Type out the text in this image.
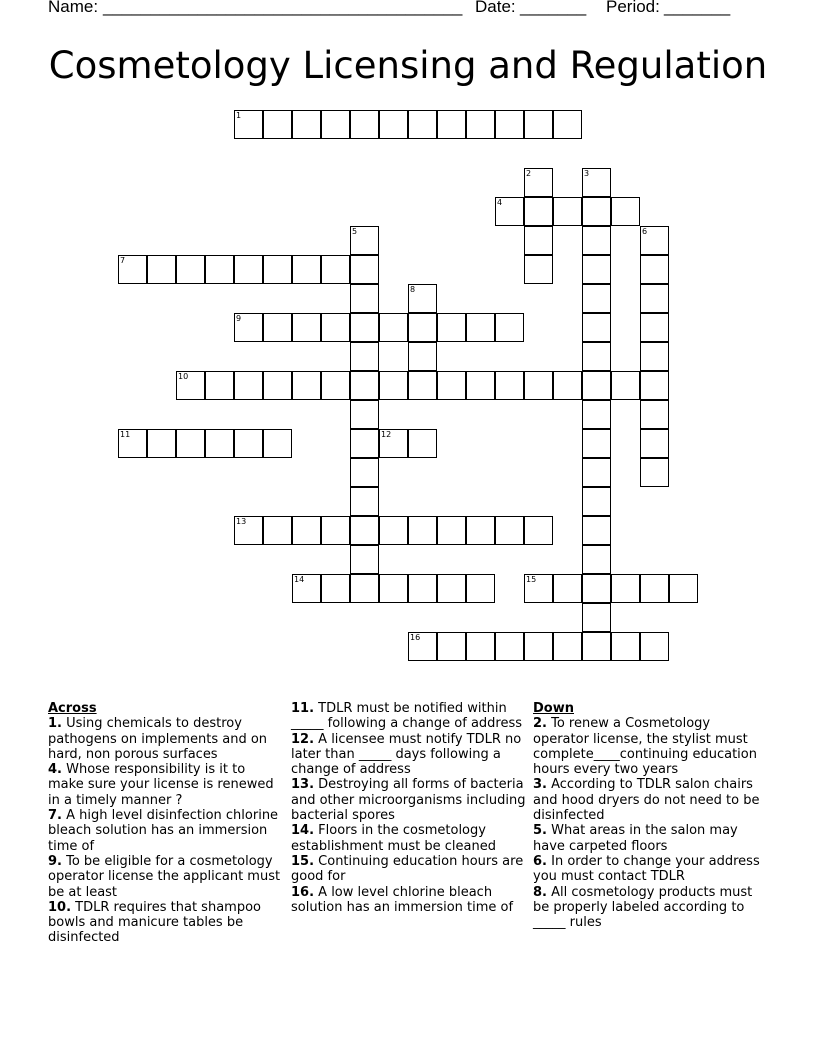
Name: ______________________________________ Date: _______ Period: _______
Cosmetology Licensing and Regulation
1
2	3
4
5	6
7
8
9
10
11	12
13
14	15
16
Across
1. Using chemicals to destroy pathogens on implements and on hard, non porous surfaces
4. Whose responsibility is it to make sure your license is renewed in a timely manner ?
7. A high level disinfection chlorine bleach solution has an immersion time of
9. To be eligible for a cosmetology operator license the applicant must be at least
10. TDLR requires that shampoo bowls and manicure tables be disinfected
11. TDLR must be notified within _____ following a change of address
12. A licensee must notify TDLR no later than _____ days following a change of address
13. Destroying all forms of bacteria and other microorganisms including bacterial spores
14. Floors in the cosmetology establishment must be cleaned
15. Continuing education hours are good for
16. A low level chlorine bleach solution has an immersion time of
Down
2. To renew a Cosmetology operator license, the stylist must complete____continuing education hours every two years
3. According to TDLR salon chairs and hood dryers do not need to be disinfected
5. What areas in the salon may have carpeted floors
6. In order to change your address you must contact TDLR
8. All cosmetology products must be properly labeled according to _____ rules
